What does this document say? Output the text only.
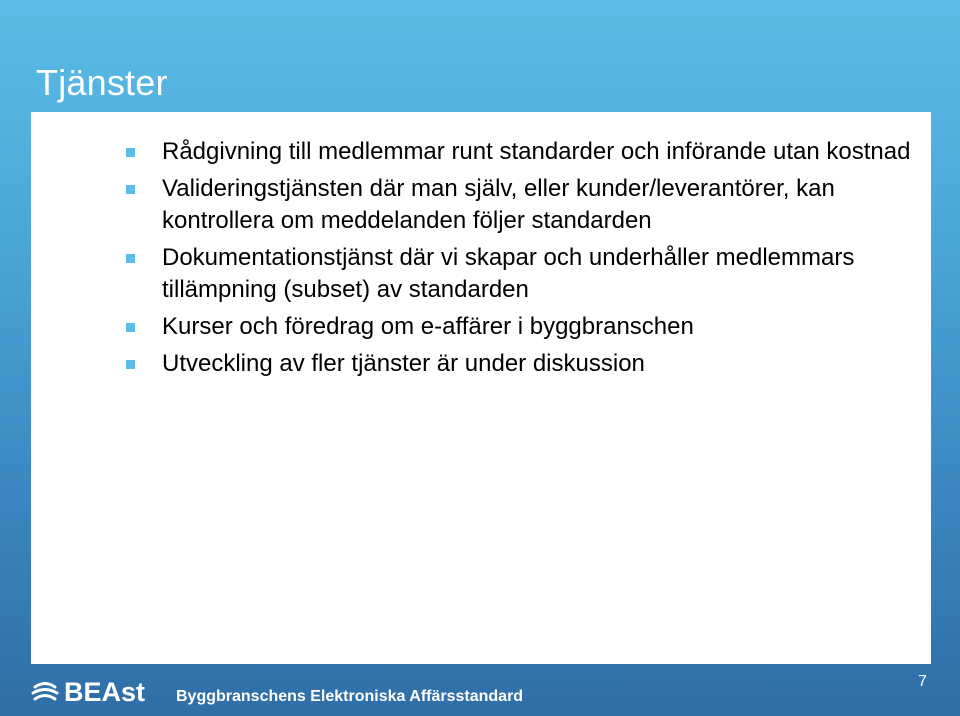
Tjänster
Rådgivning till medlemmar runt standarder och införande utan kostnad
Valideringstjänsten där man själv, eller kunder/leverantörer, kan kontrollera om meddelanden följer standarden
Dokumentationstjänst där vi skapar och underhåller medlemmars tillämpning (subset) av standarden
Kurser och föredrag om e-affärer i byggbranschen
Utveckling av fler tjänster är under diskussion
BEAst Byggbranschens Elektroniska Affärsstandard
7
